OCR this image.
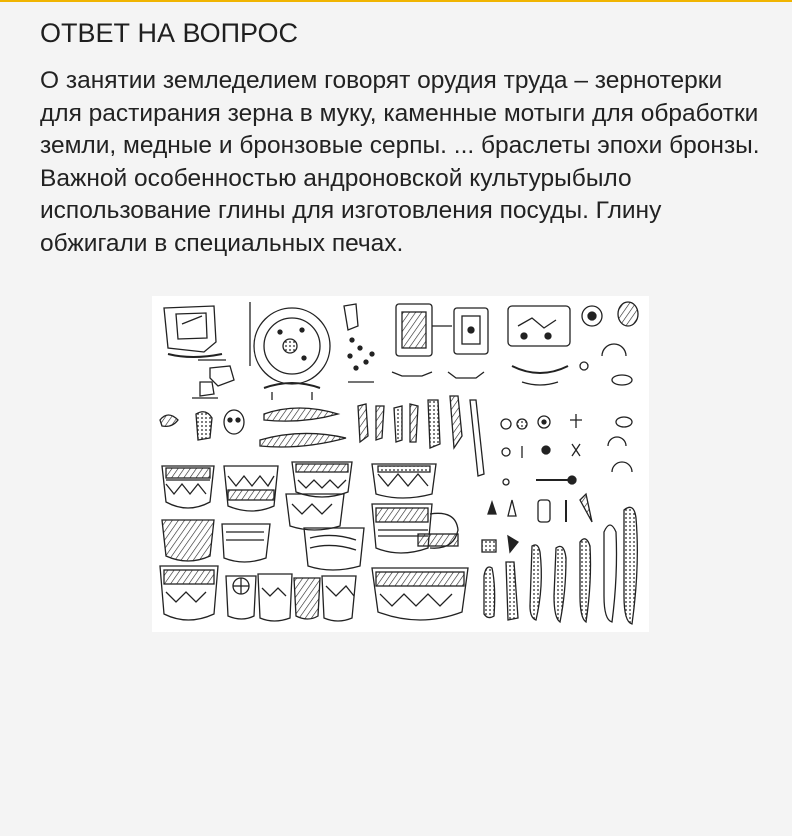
ОТВЕТ НА ВОПРОС

О занятии земледелием говорят орудия труда – зернотерки для растирания зерна в муку, каменные мотыги для обработки земли, медные и бронзовые серпы. ... браслеты эпохи бронзы. Важной особенностью андроновской культурыбыло использование глины для изготовления посуды. Глину обжигали в специальных печах.
